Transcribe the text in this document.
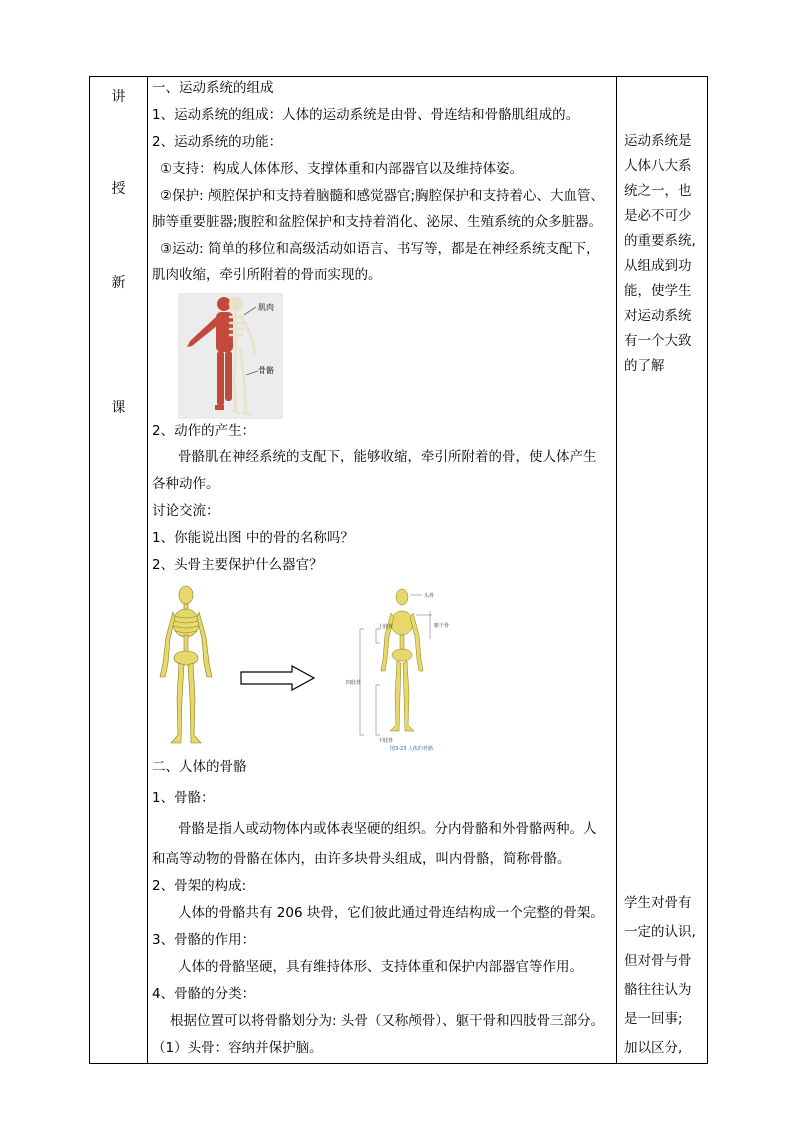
讲
授
新
课
一、运动系统的组成
1、运动系统的组成：人体的运动系统是由骨、骨连结和骨骼肌组成的。
2、运动系统的功能：
①支持：构成人体体形、支撑体重和内部器官以及维持体姿。
②保护: 颅腔保护和支持着脑髓和感觉器官;胸腔保护和支持着心、大血管、
肺等重要脏器;腹腔和盆腔保护和支持着消化、泌尿、生殖系统的众多脏器。
③运动: 简单的移位和高级活动如语言、书写等，都是在神经系统支配下，
肌肉收缩，牵引所附着的骨而实现的。
肌肉
骨骼
2、动作的产生：
骨骼肌在神经系统的支配下，能够收缩，牵引所附着的骨，使人体产生
各种动作。
讨论交流：
1、你能说出图 中的骨的名称吗？
2、头骨主要保护什么器官？
头骨
躯干骨
上肢骨
四肢骨
下肢骨
图3-23 人体的骨骼
二、人体的骨骼
1、骨骼：
骨骼是指人或动物体内或体表坚硬的组织。分内骨骼和外骨骼两种。人
和高等动物的骨骼在体内，由许多块骨头组成，叫内骨骼，简称骨骼。
2、骨架的构成:
人体的骨骼共有 206 块骨，它们彼此通过骨连结构成一个完整的骨架。
3、骨骼的作用：
人体的骨骼坚硬，具有维持体形、支持体重和保护内部器官等作用。
4、骨骼的分类：
根据位置可以将骨骼划分为: 头骨（又称颅骨）、躯干骨和四肢骨三部分。
（1）头骨：容纳并保护脑。
运动系统是
人体八大系
统之一，也
是必不可少
的重要系统,
从组成到功
能，使学生
对运动系统
有一个大致
的了解
学生对骨有
一定的认识,
但对骨与骨
骼往往认为
是一回事;
加以区分,
